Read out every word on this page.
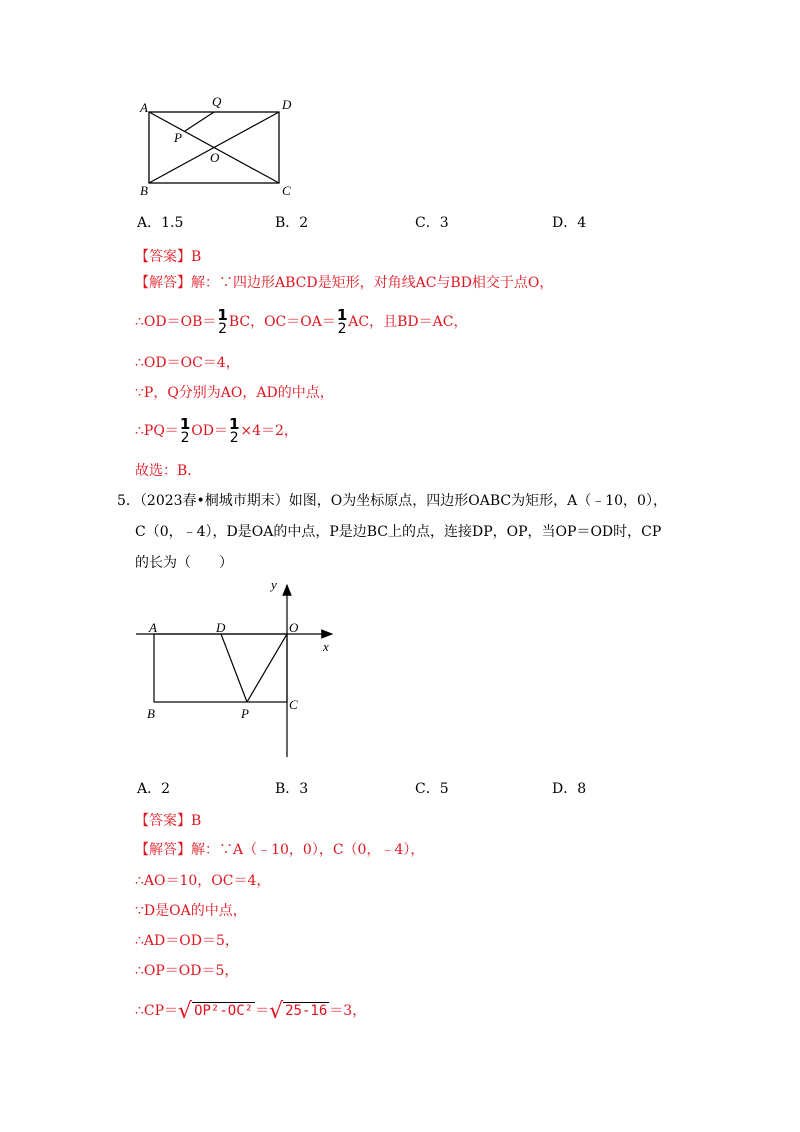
A	Q	D
P
O
B	C
A．1.5	B．2	C．3	D．4
【答案】B
【解答】解：∵四边形ABCD是矩形，对角线AC与BD相交于点O，
∴OD＝OB＝ 1
2 BC，OC＝OA＝ 1
2 AC，且BD＝AC，
∴OD＝OC＝4，
∵P，Q分别为AO，AD的中点，
∴PQ＝ 1
2 OD＝ 1
2 ×4＝2，
故选：B．
5．（2023春•桐城市期末）如图，O为坐标原点，四边形OABC为矩形，A（﹣10，0），
C（0，﹣4），D是OA的中点，P是边BC上的点，连接DP，OP，当OP＝OD时，CP
的长为（　　）
y
A	D	O
x
B	P
C
A．2	B．3	C．5	D．8
【答案】B
【解答】解：∵A（﹣10，0），C（0，﹣4），
∴AO＝10，OC＝4，
∵D是OA的中点，
∴AD＝OD＝5，
∴OP＝OD＝5，
∴CP＝√ OP²-OC² ＝√ 25-16 ＝3，
